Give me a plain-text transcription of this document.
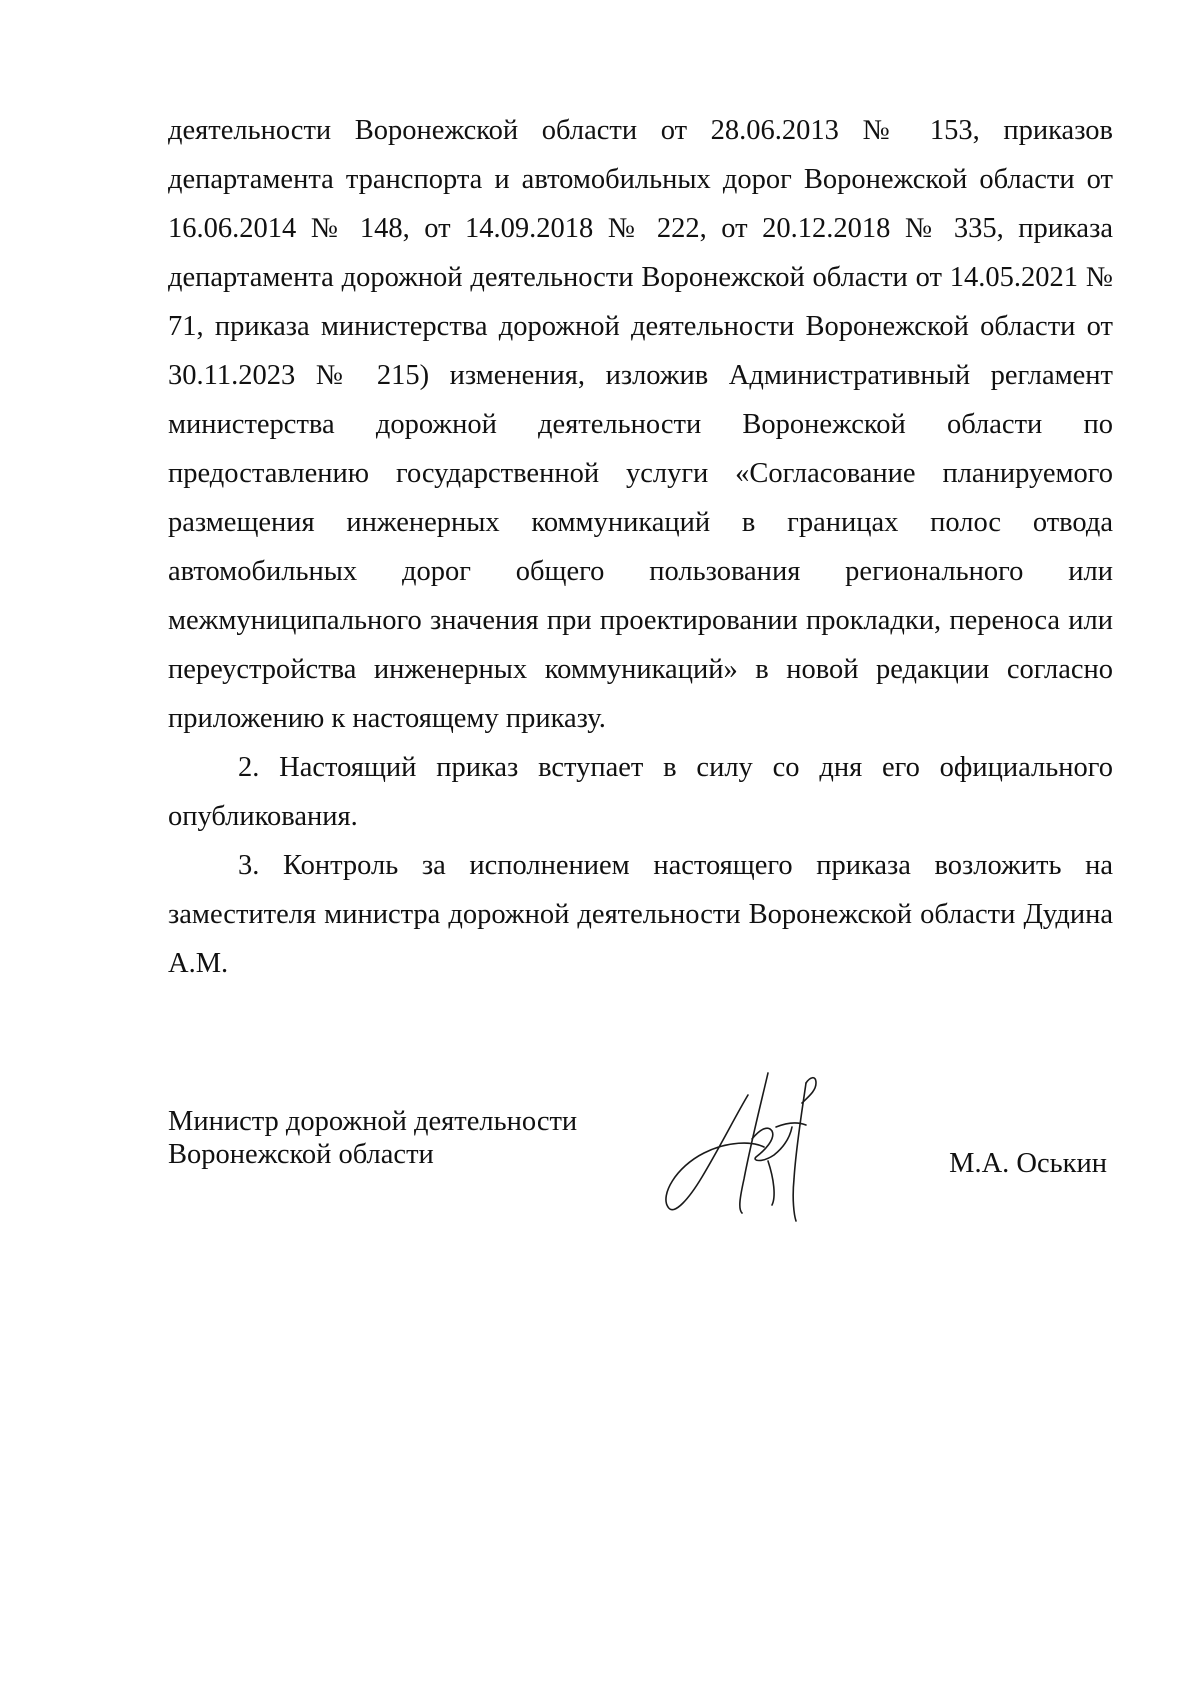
деятельности Воронежской области от 28.06.2013 № 153, приказов департамента транспорта и автомобильных дорог Воронежской области от 16.06.2014 № 148, от 14.09.2018 № 222, от 20.12.2018 № 335, приказа департамента дорожной деятельности Воронежской области от 14.05.2021 № 71, приказа министерства дорожной деятельности Воронежской области от 30.11.2023 № 215) изменения, изложив Административный регламент министерства дорожной деятельности Воронежской области по предоставлению государственной услуги «Согласование планируемого размещения инженерных коммуникаций в границах полос отвода автомобильных дорог общего пользования регионального или межмуниципального значения при проектировании прокладки, переноса или переустройства инженерных коммуникаций» в новой редакции согласно приложению к настоящему приказу.

2. Настоящий приказ вступает в силу со дня его официального опубликования.

3. Контроль за исполнением настоящего приказа возложить на заместителя министра дорожной деятельности Воронежской области Дудина А.М.

Министр дорожной деятельности
Воронежской области	М.А. Оськин
